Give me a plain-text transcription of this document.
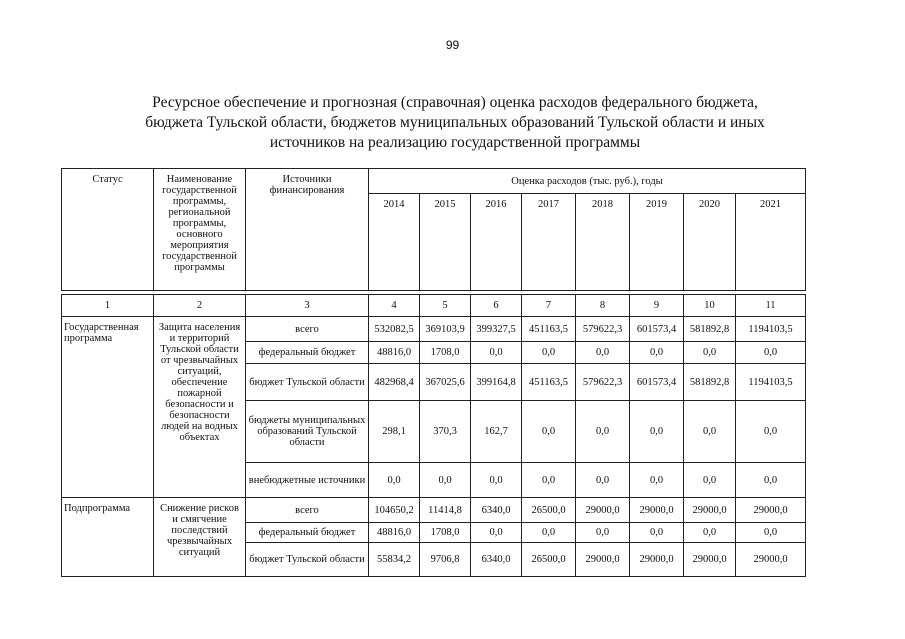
99
Ресурсное обеспечение и прогнозная (справочная) оценка расходов федерального бюджета,
бюджета Тульской области, бюджетов муниципальных образований Тульской области и иных
источников на реализацию государственной программы
Статус	Наименование государственной программы, региональной программы, основного мероприятия государственной программы	Источники финансирования	Оценка расходов (тыс. руб.), годы							
			2014	2015	2016	2017	2018	2019	2020	2021

1	2	3	4	5	6	7	8	9	10	11
Государственная программа	Защита населения и территорий Тульской области от чрезвычайных ситуаций, обеспечение пожарной безопасности и безопасности людей на водных объектах	всего	532082,5	369103,9	399327,5	451163,5	579622,3	601573,4	581892,8	1194103,5
		федеральный бюджет	48816,0	1708,0	0,0	0,0	0,0	0,0	0,0	0,0
		бюджет Тульской области	482968,4	367025,6	399164,8	451163,5	579622,3	601573,4	581892,8	1194103,5
		бюджеты муниципальных образований Тульской области	298,1	370,3	162,7	0,0	0,0	0,0	0,0	0,0
		внебюджетные источники	0,0	0,0	0,0	0,0	0,0	0,0	0,0	0,0
Подпрограмма	Снижение рисков и смягчение последствий чрезвычайных ситуаций	всего	104650,2	11414,8	6340,0	26500,0	29000,0	29000,0	29000,0	29000,0
		федеральный бюджет	48816,0	1708,0	0,0	0,0	0,0	0,0	0,0	0,0
		бюджет Тульской области	55834,2	9706,8	6340,0	26500,0	29000,0	29000,0	29000,0	29000,0
